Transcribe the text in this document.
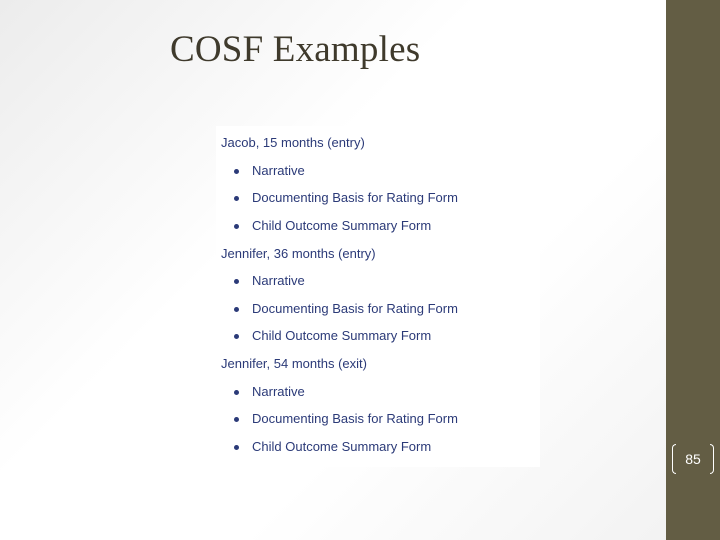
COSF Examples
Jacob, 15 months (entry)
Narrative
Documenting Basis for Rating Form
Child Outcome Summary Form
Jennifer, 36 months (entry)
Narrative
Documenting Basis for Rating Form
Child Outcome Summary Form
Jennifer, 54 months (exit)
Narrative
Documenting Basis for Rating Form
Child Outcome Summary Form
85
